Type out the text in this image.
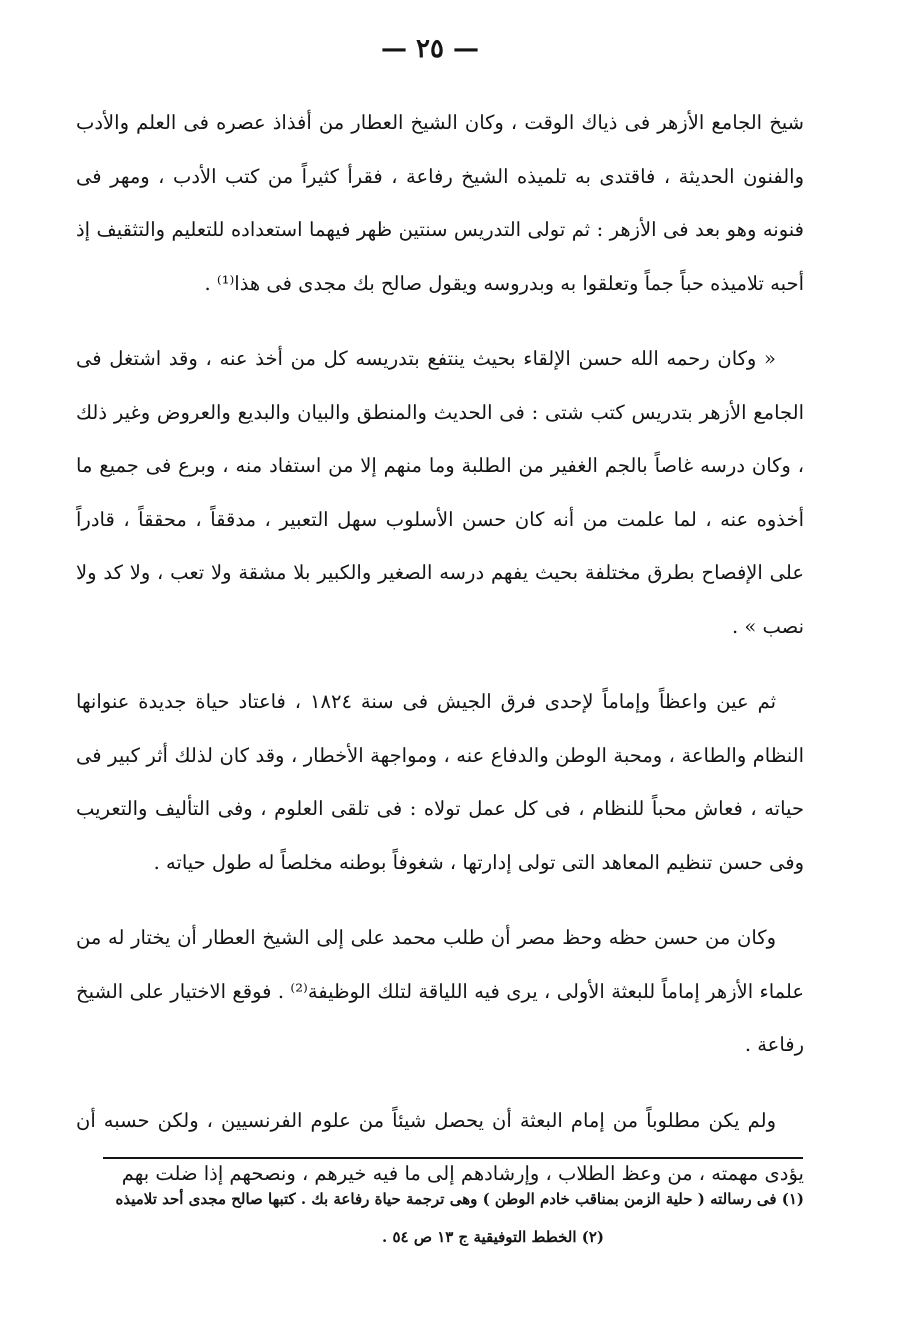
— ٢٥ —

شيخ الجامع الأزهر فى ذياك الوقت ، وكان الشيخ العطار من أفذاذ عصره فى العلم والأدب والفنون الحديثة ، فاقتدى به تلميذه الشيخ رفاعة ، فقرأ كثيراً من كتب الأدب ، ومهر فى فنونه وهو بعد فى الأزهر : ثم تولى التدريس سنتين ظهر فيهما استعداده للتعليم والتثقيف إذ أحبه تلاميذه حباً جماً وتعلقوا به وبدروسه ويقول صالح بك مجدى فى هذا⁽¹⁾ .

« وكان رحمه الله حسن الإلقاء بحيث ينتفع بتدريسه كل من أخذ عنه ، وقد اشتغل فى الجامع الأزهر بتدريس كتب شتى : فى الحديث والمنطق والبيان والبديع والعروض وغير ذلك ، وكان درسه غاصاً بالجم الغفير من الطلبة وما منهم إلا من استفاد منه ، وبرع فى جميع ما أخذوه عنه ، لما علمت من أنه كان حسن الأسلوب سهل التعبير ، مدققاً ، محققاً ، قادراً على الإفصاح بطرق مختلفة بحيث يفهم درسه الصغير والكبير بلا مشقة ولا تعب ، ولا كد ولا نصب » .

ثم عين واعظاً وإماماً لإحدى فرق الجيش فى سنة ١٨٢٤ ، فاعتاد حياة جديدة عنوانها النظام والطاعة ، ومحبة الوطن والدفاع عنه ، ومواجهة الأخطار ، وقد كان لذلك أثر كبير فى حياته ، فعاش محباً للنظام ، فى كل عمل تولاه : فى تلقى العلوم ، وفى التأليف والتعريب وفى حسن تنظيم المعاهد التى تولى إدارتها ، شغوفاً بوطنه مخلصاً له طول حياته .

وكان من حسن حظه وحظ مصر أن طلب محمد على إلى الشيخ العطار أن يختار له من علماء الأزهر إماماً للبعثة الأولى ، يرى فيه اللياقة لتلك الوظيفة⁽²⁾ . فوقع الاختيار على الشيخ رفاعة .

ولم يكن مطلوباً من إمام البعثة أن يحصل شيئاً من علوم الفرنسيين ، ولكن حسبه أن يؤدى مهمته ، من وعظ الطلاب ، وإرشادهم إلى ما فيه خيرهم ، ونصحهم إذا ضلت بهم

(١) فى رسالته ( حلية الزمن بمناقب خادم الوطن ) وهى ترجمة حياة رفاعة بك . كتبها صالح مجدى أحد تلاميذه

(٢) الخطط التوفيقية ج ١٣ ص ٥٤ .
